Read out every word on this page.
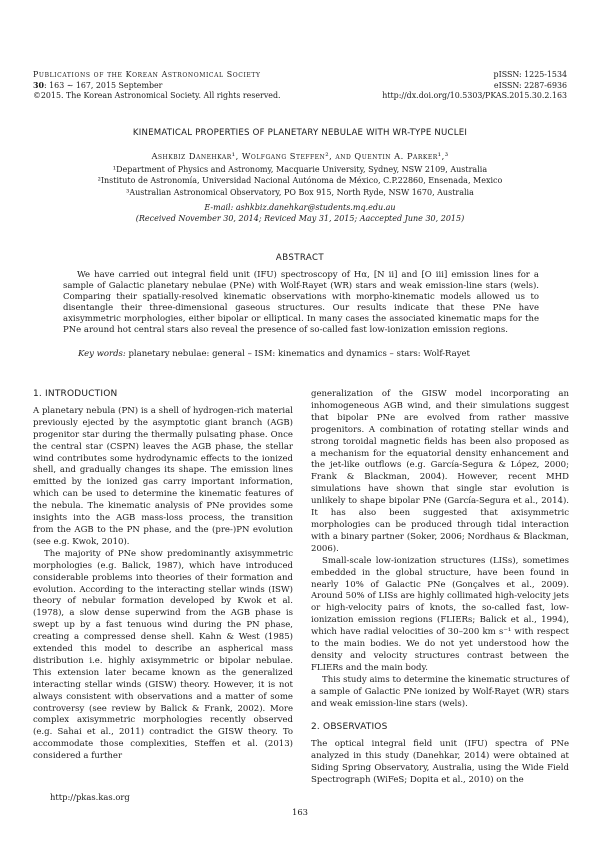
Publications of the Korean Astronomical Society
30: 163 ∼ 167, 2015 September
©2015. The Korean Astronomical Society. All rights reserved.
pISSN: 1225-1534
eISSN: 2287-6936
http://dx.doi.org/10.5303/PKAS.2015.30.2.163
KINEMATICAL PROPERTIES OF PLANETARY NEBULAE WITH WR-TYPE NUCLEI
Ashkbiz Danehkar¹, Wolfgang Steffen², and Quentin A. Parker¹,³
¹Department of Physics and Astronomy, Macquarie University, Sydney, NSW 2109, Australia
²Instituto de Astronomía, Universidad Nacional Autónoma de México, C.P.22860, Ensenada, Mexico
³Australian Astronomical Observatory, PO Box 915, North Ryde, NSW 1670, Australia
E-mail: ashkbiz.danehkar@students.mq.edu.au
(Received November 30, 2014; Reviced May 31, 2015; Aaccepted June 30, 2015)
ABSTRACT
We have carried out integral field unit (IFU) spectroscopy of Hα, [N ii] and [O iii] emission lines for a sample of Galactic planetary nebulae (PNe) with Wolf-Rayet (WR) stars and weak emission-line stars (wels). Comparing their spatially-resolved kinematic observations with morpho-kinematic models allowed us to disentangle their three-dimensional gaseous structures. Our results indicate that these PNe have axisymmetric morphologies, either bipolar or elliptical. In many cases the associated kinematic maps for the PNe around hot central stars also reveal the presence of so-called fast low-ionization emission regions.
Key words: planetary nebulae: general – ISM: kinematics and dynamics – stars: Wolf-Rayet
1. INTRODUCTION

A planetary nebula (PN) is a shell of hydrogen-rich material previously ejected by the asymptotic giant branch (AGB) progenitor star during the thermally pulsating phase. Once the central star (CSPN) leaves the AGB phase, the stellar wind contributes some hydrodynamic effects to the ionized shell, and gradually changes its shape. The emission lines emitted by the ionized gas carry important information, which can be used to determine the kinematic features of the nebula. The kinematic analysis of PNe provides some insights into the AGB mass-loss process, the transition from the AGB to the PN phase, and the (pre-)PN evolution (see e.g. Kwok, 2010).

The majority of PNe show predominantly axisymmetric morphologies (e.g. Balick, 1987), which have introduced considerable problems into theories of their formation and evolution. According to the interacting stellar winds (ISW) theory of nebular formation developed by Kwok et al. (1978), a slow dense superwind from the AGB phase is swept up by a fast tenuous wind during the PN phase, creating a compressed dense shell. Kahn & West (1985) extended this model to describe an aspherical mass distribution i.e. highly axisymmetric or bipolar nebulae. This extension later became known as the generalized interacting stellar winds (GISW) theory. However, it is not always consistent with observations and a matter of some controversy (see review by Balick & Frank, 2002). More complex axisymmetric morphologies recently observed (e.g. Sahai et al., 2011) contradict the GISW theory. To accommodate those complexities, Steffen et al. (2013) considered a further

generalization of the GISW model incorporating an inhomogeneous AGB wind, and their simulations suggest that bipolar PNe are evolved from rather massive progenitors. A combination of rotating stellar winds and strong toroidal magnetic fields has been also proposed as a mechanism for the equatorial density enhancement and the jet-like outflows (e.g. García-Segura & López, 2000; Frank & Blackman, 2004). However, recent MHD simulations have shown that single star evolution is unlikely to shape bipolar PNe (García-Segura et al., 2014). It has also been suggested that axisymmetric morphologies can be produced through tidal interaction with a binary partner (Soker, 2006; Nordhaus & Blackman, 2006).

Small-scale low-ionization structures (LISs), sometimes embedded in the global structure, have been found in nearly 10% of Galactic PNe (Gonçalves et al., 2009). Around 50% of LISs are highly collimated high-velocity jets or high-velocity pairs of knots, the so-called fast, low-ionization emission regions (FLIERs; Balick et al., 1994), which have radial velocities of 30–200 km s⁻¹ with respect to the main bodies. We do not yet understood how the density and velocity structures contrast between the FLIERs and the main body.

This study aims to determine the kinematic structures of a sample of Galactic PNe ionized by Wolf-Rayet (WR) stars and weak emission-line stars (wels).

2. OBSERVATIOS

The optical integral field unit (IFU) spectra of PNe analyzed in this study (Danehkar, 2014) were obtained at Siding Spring Observatory, Australia, using the Wide Field Spectrograph (WiFeS; Dopita et al., 2010) on the

http://pkas.kas.org
163
